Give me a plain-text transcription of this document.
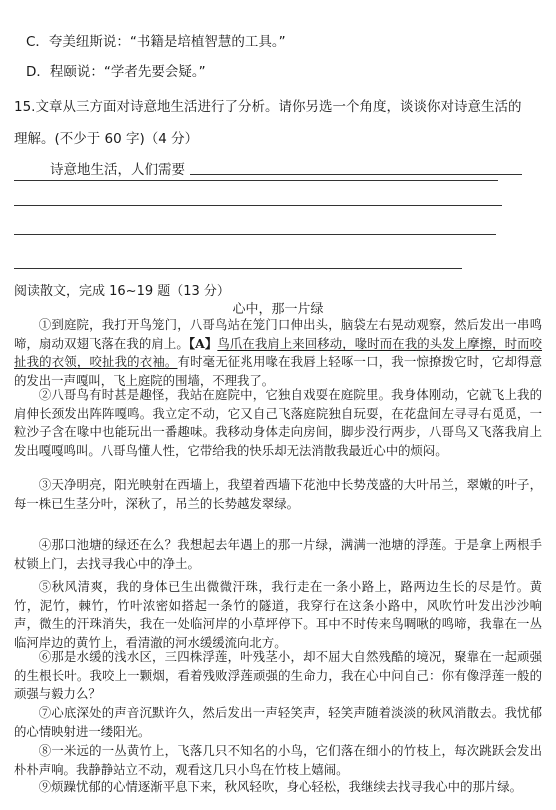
C．夸美纽斯说：“书籍是培植智慧的工具。”
D．程颐说：“学者先要会疑。”
15.文章从三方面对诗意地生活进行了分析。请你另选一个角度，谈谈你对诗意生活的
理解。(不少于 60 字)（4 分）
诗意地生活，人们需要
阅读散文，完成 16~19 题（13 分）
心中，那一片绿

①到庭院，我打开鸟笼门，八哥鸟站在笼门口伸出头，脑袋左右晃动观察，然后发出一串鸣啼，扇动双翅飞落在我的肩上。【A】鸟爪在我肩上来回移动，喙时而在我的头发上摩擦，时而咬扯我的衣领，咬扯我的衣袖。有时毫无征兆用喙在我唇上轻啄一口，我一惊撩拨它时，它却得意的发出一声嘎叫，飞上庭院的围墙，不理我了。

②八哥鸟有时甚是趣怪，我站在庭院中，它独自戏耍在庭院里。我身体刚动，它就飞上我的肩伸长颈发出阵阵嘎鸣。我立定不动，它又自己飞落庭院独自玩耍，在花盘间左寻寻右觅觅，一粒沙子含在喙中也能玩出一番趣味。我移动身体走向房间，脚步没行两步，八哥鸟又飞落我肩上发出嘎嘎鸣叫。八哥鸟懂人性，它带给我的快乐却无法消散我最近心中的烦闷。

③天净明亮，阳光映射在西墙上，我望着西墙下花池中长势茂盛的大叶吊兰，翠嫩的叶子，每一株已生茎分叶，深秋了，吊兰的长势越发翠绿。

④那口池塘的绿还在么？我想起去年遇上的那一片绿，满满一池塘的浮莲。于是拿上两根手杖锁上门，去找寻我心中的净土。

⑤秋风清爽，我的身体已生出微微汗珠，我行走在一条小路上，路两边生长的尽是竹。黄竹，泥竹，棘竹，竹叶浓密如搭起一条竹的隧道，我穿行在这条小路中，风吹竹叶发出沙沙响声，微生的汗珠消失，我在一处临河岸的小草坪停下。耳中不时传来鸟啁啾的鸣啼，我靠在一丛临河岸边的黄竹上，看清澈的河水缓缓流向北方。

⑥那是水缓的浅水区，三四株浮莲，叶残茎小，却不屈大自然残酷的境况，聚靠在一起顽强的生根长叶。我咬上一颗烟，看着残败浮莲顽强的生命力，我在心中问自己：你有像浮莲一般的顽强与毅力么？

⑦心底深处的声音沉默许久，然后发出一声轻笑声，轻笑声随着淡淡的秋风消散去。我忧郁的心情映射进一缕阳光。

⑧一米远的一丛黄竹上，飞落几只不知名的小鸟，它们落在细小的竹枝上，每次跳跃会发出朴朴声响。我静静站立不动，观看这几只小鸟在竹枝上嬉闹。

⑨烦躁忧郁的心情逐渐平息下来，秋风轻吹，身心轻松，我继续去找寻我心中的那片绿。
